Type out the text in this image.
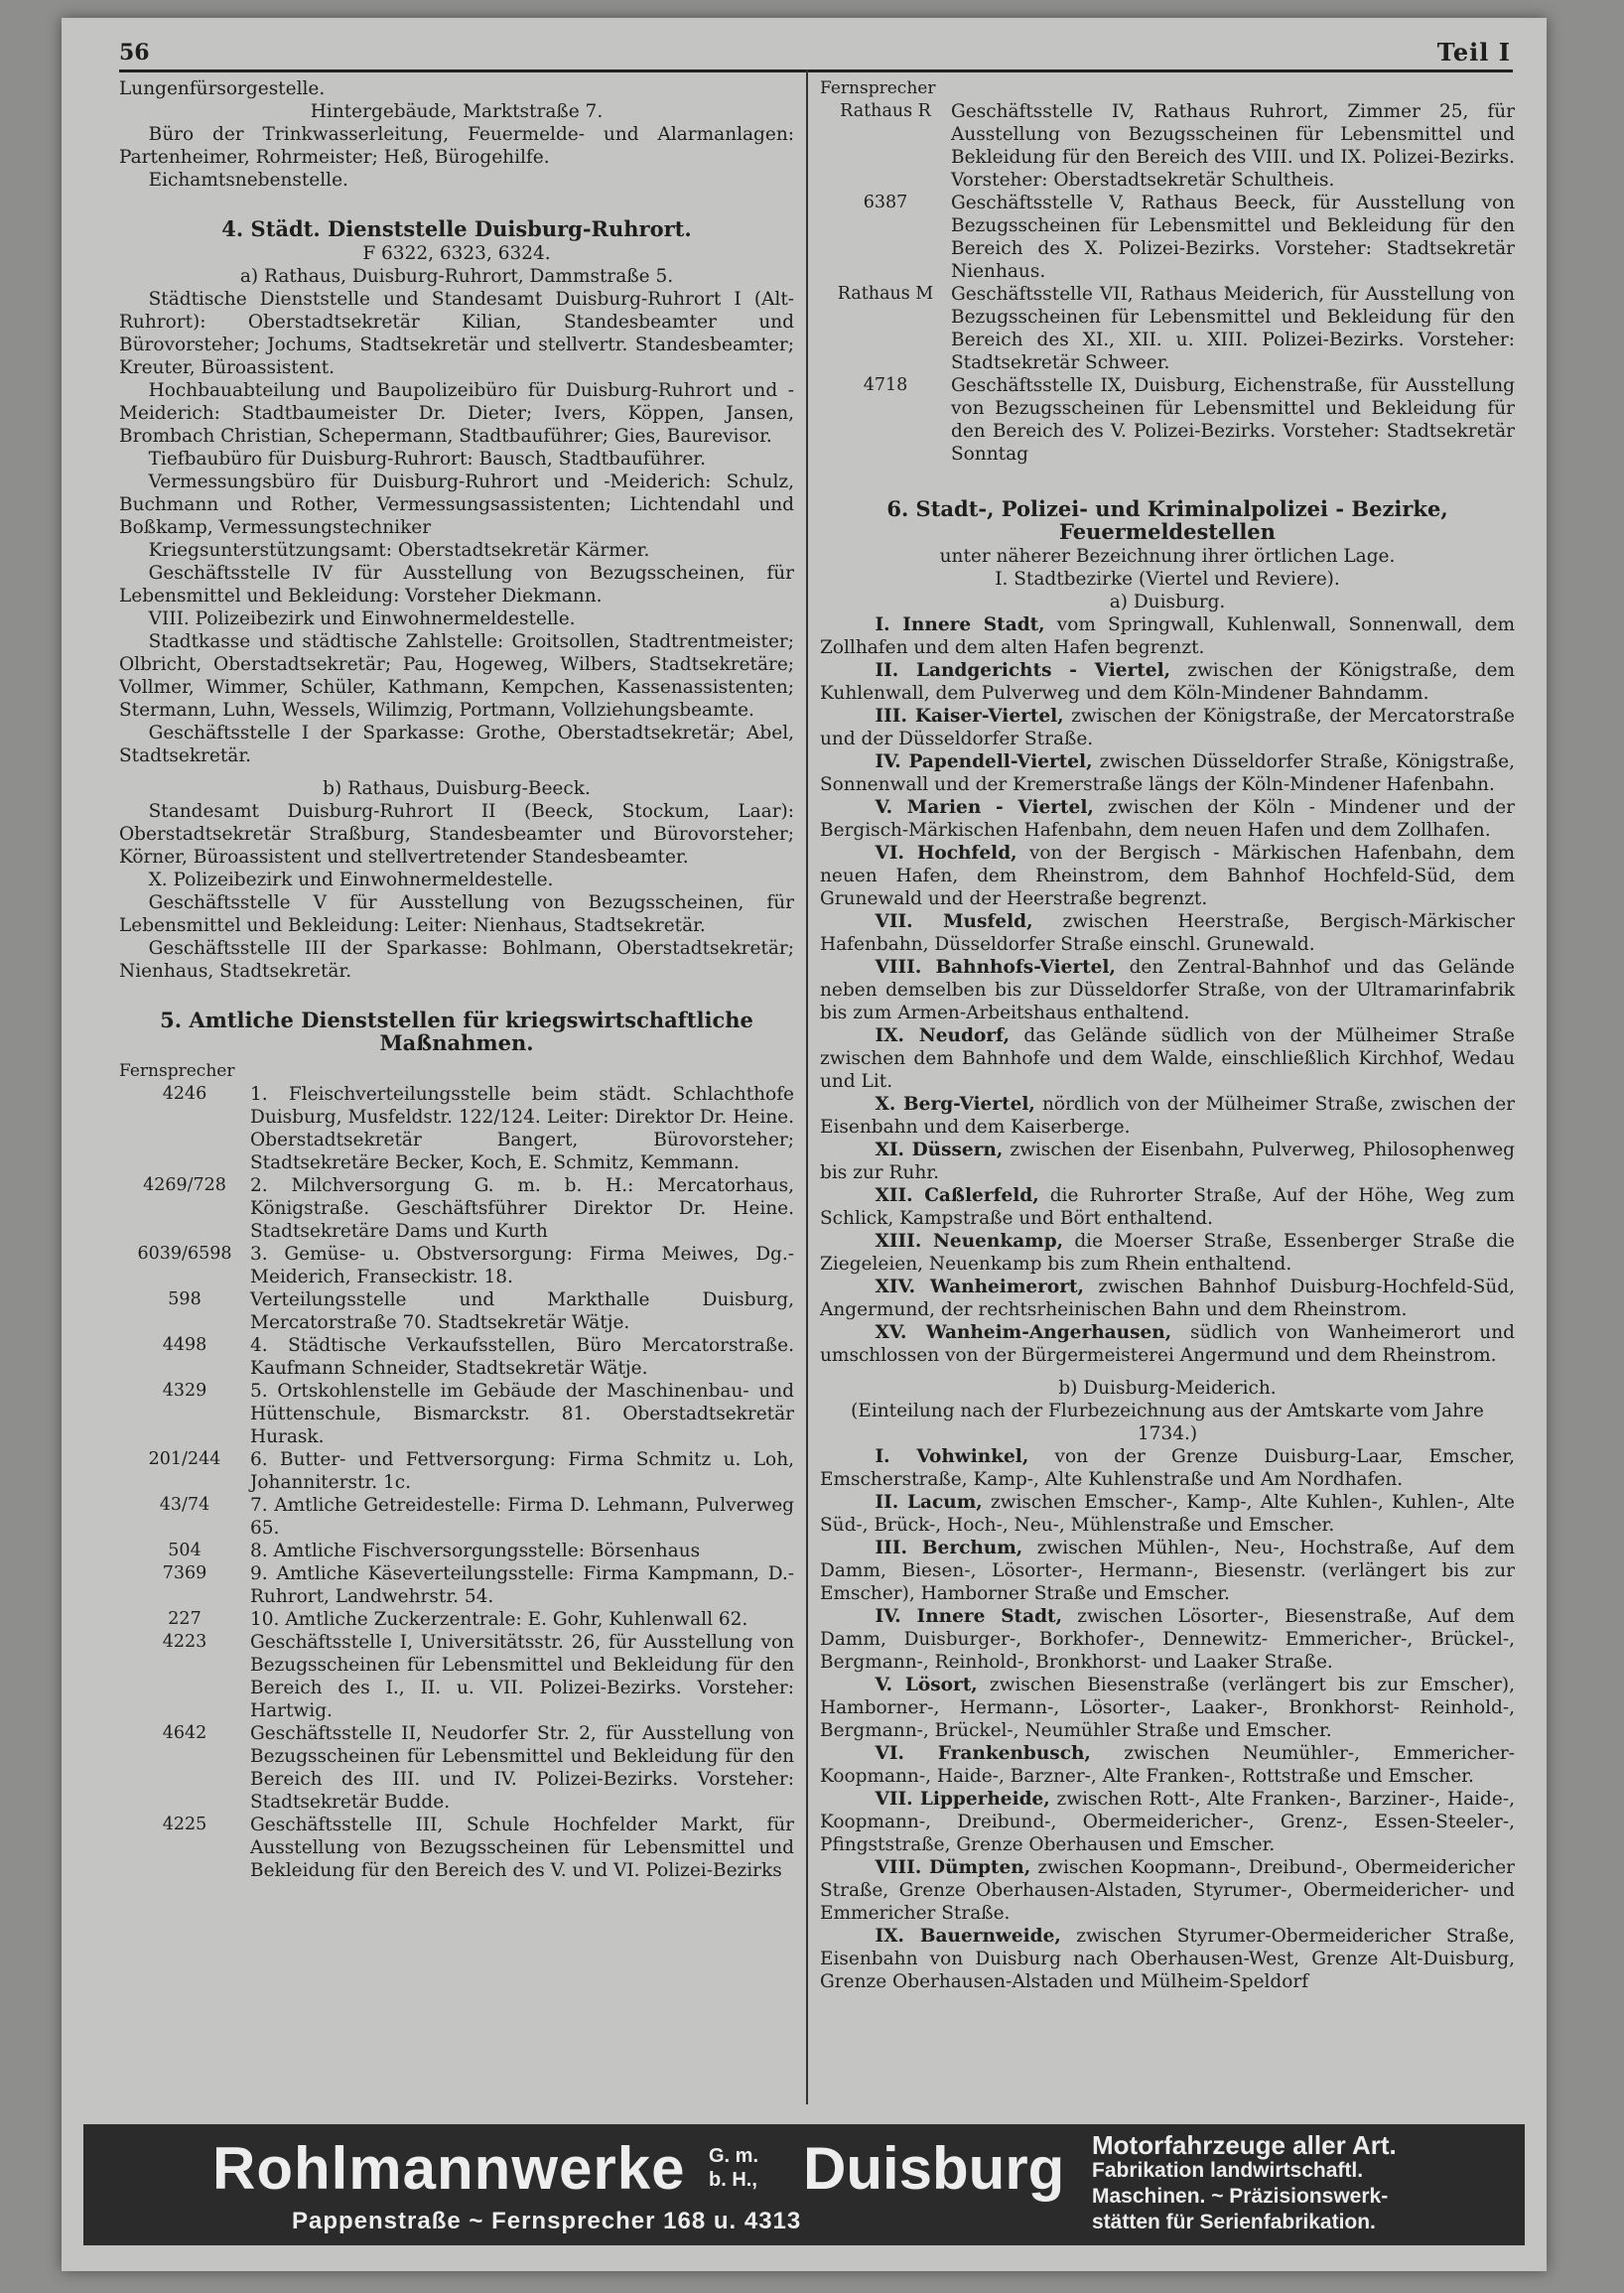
56	Teil I

Lungenfürsorgestelle.

Hintergebäude, Marktstraße 7.

Büro der Trinkwasserleitung, Feuermelde- und Alarmanlagen: Partenheimer, Rohrmeister; Heß, Bürogehilfe.

Eichamtsnebenstelle.

4. Städt. Dienststelle Duisburg-Ruhrort.

F 6322, 6323, 6324.

a) Rathaus, Duisburg-Ruhrort, Dammstraße 5.

Städtische Dienststelle und Standesamt Duisburg-Ruhrort I (Alt-Ruhrort): Oberstadtsekretär Kilian, Standesbeamter und Bürovorsteher; Jochums, Stadtsekretär und stellvertr. Standesbeamter; Kreuter, Büroassistent.

Hochbauabteilung und Baupolizeibüro für Duisburg-Ruhrort und -Meiderich: Stadtbaumeister Dr. Dieter; Ivers, Köppen, Jansen, Brombach Christian, Schepermann, Stadtbauführer; Gies, Baurevisor.

Tiefbaubüro für Duisburg-Ruhrort: Bausch, Stadtbauführer.

Vermessungsbüro für Duisburg-Ruhrort und -Meiderich: Schulz, Buchmann und Rother, Vermessungsassistenten; Lichtendahl und Boßkamp, Vermessungstechniker

Kriegsunterstützungsamt: Oberstadtsekretär Kärmer.

Geschäftsstelle IV für Ausstellung von Bezugsscheinen, für Lebensmittel und Bekleidung: Vorsteher Diekmann.

VIII. Polizeibezirk und Einwohnermeldestelle.

Stadtkasse und städtische Zahlstelle: Groitsollen, Stadtrentmeister; Olbricht, Oberstadtsekretär; Pau, Hogeweg, Wilbers, Stadtsekretäre; Vollmer, Wimmer, Schüler, Kathmann, Kempchen, Kassenassistenten; Stermann, Luhn, Wessels, Wilimzig, Portmann, Vollziehungsbeamte.

Geschäftsstelle I der Sparkasse: Grothe, Oberstadtsekretär; Abel, Stadtsekretär.

b) Rathaus, Duisburg-Beeck.

Standesamt Duisburg-Ruhrort II (Beeck, Stockum, Laar): Oberstadtsekretär Straßburg, Standesbeamter und Bürovorsteher; Körner, Büroassistent und stellvertretender Standesbeamter.

X. Polizeibezirk und Einwohnermeldestelle.

Geschäftsstelle V für Ausstellung von Bezugsscheinen, für Lebensmittel und Bekleidung: Leiter: Nienhaus, Stadtsekretär.

Geschäftsstelle III der Sparkasse: Bohlmann, Oberstadtsekretär; Nienhaus, Stadtsekretär.

5. Amtliche Dienststellen für kriegswirtschaftliche Maßnahmen.
Fernsprecher
4246	1. Fleischverteilungsstelle beim städt. Schlachthofe Duisburg, Musfeldstr. 122/124. Leiter: Direktor Dr. Heine. Oberstadtsekretär Bangert, Bürovorsteher; Stadtsekretäre Becker, Koch, E. Schmitz, Kemmann.
4269/728	2. Milchversorgung G. m. b. H.: Mercatorhaus, Königstraße. Geschäftsführer Direktor Dr. Heine. Stadtsekretäre Dams und Kurth
6039/6598	3. Gemüse- u. Obstversorgung: Firma Meiwes, Dg.-Meiderich, Franseckistr. 18.
598	Verteilungsstelle und Markthalle Duisburg, Mercatorstraße 70. Stadtsekretär Wätje.
4498	4. Städtische Verkaufsstellen, Büro Mercatorstraße. Kaufmann Schneider, Stadtsekretär Wätje.
4329	5. Ortskohlenstelle im Gebäude der Maschinenbau- und Hüttenschule, Bismarckstr. 81. Oberstadtsekretär Hurask.
201/244	6. Butter- und Fettversorgung: Firma Schmitz u. Loh, Johanniterstr. 1c.
43/74	7. Amtliche Getreidestelle: Firma D. Lehmann, Pulverweg 65.
504	8. Amtliche Fischversorgungsstelle: Börsenhaus
7369	9. Amtliche Käseverteilungsstelle: Firma Kampmann, D.-Ruhrort, Landwehrstr. 54.
227	10. Amtliche Zuckerzentrale: E. Gohr, Kuhlenwall 62.
4223	Geschäftsstelle I, Universitätsstr. 26, für Ausstellung von Bezugsscheinen für Lebensmittel und Bekleidung für den Bereich des I., II. u. VII. Polizei-Bezirks. Vorsteher: Hartwig.
4642	Geschäftsstelle II, Neudorfer Str. 2, für Ausstellung von Bezugsscheinen für Lebensmittel und Bekleidung für den Bereich des III. und IV. Polizei-Bezirks. Vorsteher: Stadtsekretär Budde.
4225	Geschäftsstelle III, Schule Hochfelder Markt, für Ausstellung von Bezugsscheinen für Lebensmittel und Bekleidung für den Bereich des V. und VI. Polizei-Bezirks
Fernsprecher
Rathaus R	Geschäftsstelle IV, Rathaus Ruhrort, Zimmer 25, für Ausstellung von Bezugsscheinen für Lebensmittel und Bekleidung für den Bereich des VIII. und IX. Polizei-Bezirks. Vorsteher: Oberstadtsekretär Schultheis.
6387	Geschäftsstelle V, Rathaus Beeck, für Ausstellung von Bezugsscheinen für Lebensmittel und Bekleidung für den Bereich des X. Polizei-Bezirks. Vorsteher: Stadtsekretär Nienhaus.
Rathaus M Geschäftsstelle VII, Rathaus Meiderich, für Ausstellung von Bezugsscheinen für Lebensmittel und Bekleidung für den Bereich des XI., XII. u. XIII. Polizei-Bezirks. Vorsteher: Stadtsekretär Schweer.
4718	Geschäftsstelle IX, Duisburg, Eichenstraße, für Ausstellung von Bezugsscheinen für Lebensmittel und Bekleidung für den Bereich des V. Polizei-Bezirks. Vorsteher: Stadtsekretär Sonntag
6. Stadt-, Polizei- und Kriminalpolizei - Bezirke,
Feuermeldestellen

unter näherer Bezeichnung ihrer örtlichen Lage.

I. Stadtbezirke (Viertel und Reviere).

a) Duisburg.

I. Innere Stadt, vom Springwall, Kuhlenwall, Sonnenwall, dem Zollhafen und dem alten Hafen begrenzt.

II. Landgerichts - Viertel, zwischen der Königstraße, dem Kuhlenwall, dem Pulverweg und dem Köln-Mindener Bahndamm.

III. Kaiser-Viertel, zwischen der Königstraße, der Mercatorstraße und der Düsseldorfer Straße.

IV. Papendell-Viertel, zwischen Düsseldorfer Straße, Königstraße, Sonnenwall und der Kremerstraße längs der Köln-Mindener Hafenbahn.

V. Marien - Viertel, zwischen der Köln - Mindener und der Bergisch-Märkischen Hafenbahn, dem neuen Hafen und dem Zollhafen.

VI. Hochfeld, von der Bergisch - Märkischen Hafenbahn, dem neuen Hafen, dem Rheinstrom, dem Bahnhof Hochfeld-Süd, dem Grunewald und der Heerstraße begrenzt.

VII. Musfeld, zwischen Heerstraße, Bergisch-Märkischer Hafenbahn, Düsseldorfer Straße einschl. Grunewald.

VIII. Bahnhofs-Viertel, den Zentral-Bahnhof und das Gelände neben demselben bis zur Düsseldorfer Straße, von der Ultramarinfabrik bis zum Armen-Arbeitshaus enthaltend.

IX. Neudorf, das Gelände südlich von der Mülheimer Straße zwischen dem Bahnhofe und dem Walde, einschließlich Kirchhof, Wedau und Lit.

X. Berg-Viertel, nördlich von der Mülheimer Straße, zwischen der Eisenbahn und dem Kaiserberge.

XI. Düssern, zwischen der Eisenbahn, Pulverweg, Philosophenweg bis zur Ruhr.

XII. Caßlerfeld, die Ruhrorter Straße, Auf der Höhe, Weg zum Schlick, Kampstraße und Bört enthaltend.

XIII. Neuenkamp, die Moerser Straße, Essenberger Straße die Ziegeleien, Neuenkamp bis zum Rhein enthaltend.

XIV. Wanheimerort, zwischen Bahnhof Duisburg-Hochfeld-Süd, Angermund, der rechtsrheinischen Bahn und dem Rheinstrom.

XV. Wanheim-Angerhausen, südlich von Wanheimerort und umschlossen von der Bürgermeisterei Angermund und dem Rheinstrom.

b) Duisburg-Meiderich.

(Einteilung nach der Flurbezeichnung aus der Amtskarte vom Jahre 1734.)

I. Vohwinkel, von der Grenze Duisburg-Laar, Emscher, Emscherstraße, Kamp-, Alte Kuhlenstraße und Am Nordhafen.

II. Lacum, zwischen Emscher-, Kamp-, Alte Kuhlen-, Kuhlen-, Alte Süd-, Brück-, Hoch-, Neu-, Mühlenstraße und Emscher.

III. Berchum, zwischen Mühlen-, Neu-, Hochstraße, Auf dem Damm, Biesen-, Lösorter-, Hermann-, Biesenstr. (verlängert bis zur Emscher), Hamborner Straße und Emscher.

IV. Innere Stadt, zwischen Lösorter-, Biesenstraße, Auf dem Damm, Duisburger-, Borkhofer-, Dennewitz- Emmericher-, Brückel-, Bergmann-, Reinhold-, Bronkhorst- und Laaker Straße.

V. Lösort, zwischen Biesenstraße (verlängert bis zur Emscher), Hamborner-, Hermann-, Lösorter-, Laaker-, Bronkhorst- Reinhold-, Bergmann-, Brückel-, Neumühler Straße und Emscher.

VI. Frankenbusch, zwischen Neumühler-, Emmericher- Koopmann-, Haide-, Barzner-, Alte Franken-, Rottstraße und Emscher.

VII. Lipperheide, zwischen Rott-, Alte Franken-, Barziner-, Haide-, Koopmann-, Dreibund-, Obermeidericher-, Grenz-, Essen-Steeler-, Pfingststraße, Grenze Oberhausen und Emscher.

VIII. Dümpten, zwischen Koopmann-, Dreibund-, Obermeidericher Straße, Grenze Oberhausen-Alstaden, Styrumer-, Obermeidericher- und Emmericher Straße.

IX. Bauernweide, zwischen Styrumer-Obermeidericher Straße, Eisenbahn von Duisburg nach Oberhausen-West, Grenze Alt-Duisburg, Grenze Oberhausen-Alstaden und Mülheim-Speldorf

Rohlmannwerke G. m.
b. H., Duisburg
Pappenstraße ~ Fernsprecher 168 u. 4313
Motorfahrzeuge aller Art.
Fabrikation landwirtschaftl.
Maschinen. ~ Präzisionswerk-
stätten für Serienfabrikation.
